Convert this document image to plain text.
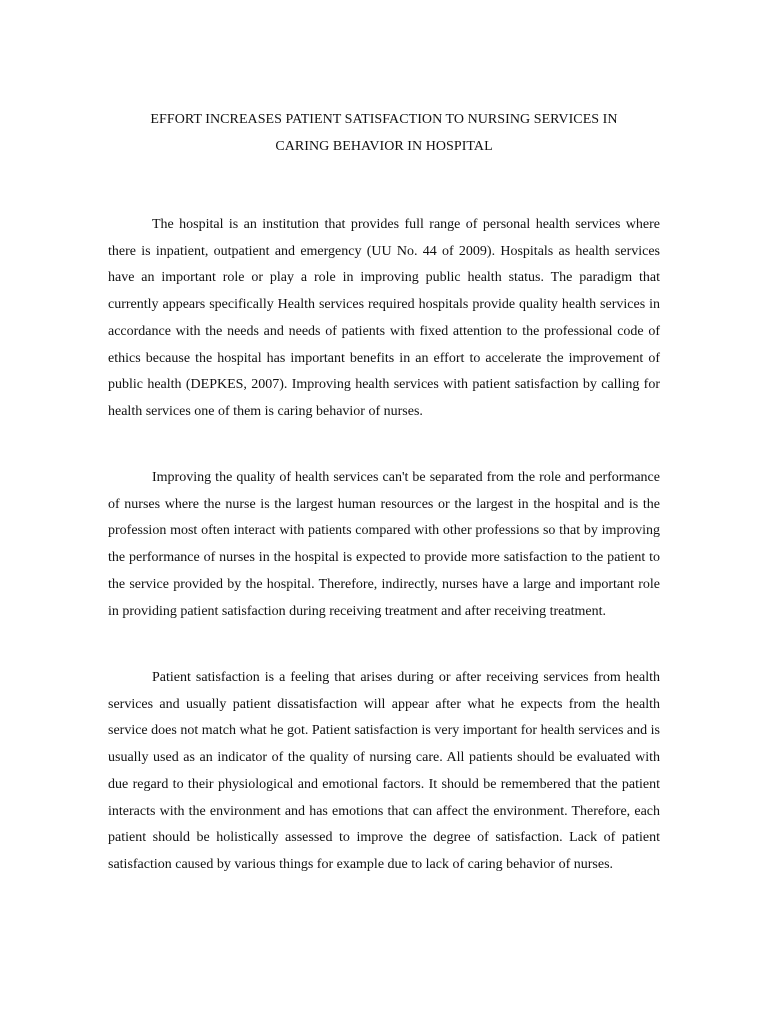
EFFORT INCREASES PATIENT SATISFACTION TO NURSING SERVICES IN
CARING BEHAVIOR IN HOSPITAL

The hospital is an institution that provides full range of personal health services where there is inpatient, outpatient and emergency (UU No. 44 of 2009). Hospitals as health services have an important role or play a role in improving public health status. The paradigm that currently appears specifically Health services required hospitals provide quality health services in accordance with the needs and needs of patients with fixed attention to the professional code of ethics because the hospital has important benefits in an effort to accelerate the improvement of public health (DEPKES, 2007). Improving health services with patient satisfaction by calling for health services one of them is caring behavior of nurses.

Improving the quality of health services can't be separated from the role and performance of nurses where the nurse is the largest human resources or the largest in the hospital and is the profession most often interact with patients compared with other professions so that by improving the performance of nurses in the hospital is expected to provide more satisfaction to the patient to the service provided by the hospital. Therefore, indirectly, nurses have a large and important role in providing patient satisfaction during receiving treatment and after receiving treatment.

Patient satisfaction is a feeling that arises during or after receiving services from health services and usually patient dissatisfaction will appear after what he expects from the health service does not match what he got. Patient satisfaction is very important for health services and is usually used as an indicator of the quality of nursing care. All patients should be evaluated with due regard to their physiological and emotional factors. It should be remembered that the patient interacts with the environment and has emotions that can affect the environment. Therefore, each patient should be holistically assessed to improve the degree of satisfaction. Lack of patient satisfaction caused by various things for example due to lack of caring behavior of nurses.
